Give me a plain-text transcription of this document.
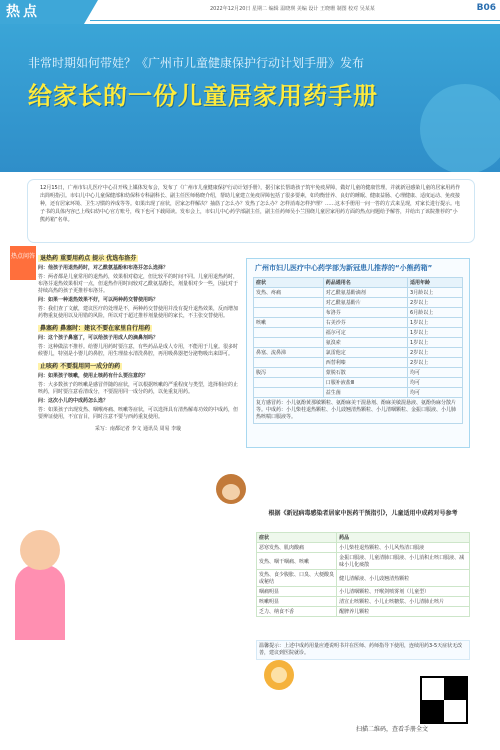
热点	2022年12月20日 星期二 编辑 温晓瑛 美编 设计 王晓珊 制图 校对 吴某某	B06
非常时期如何带娃？《广州市儿童健康保护行动计划手册》发布
给家长的一份儿童居家用药手册
12月15日，广州市妇儿医疗中心召开线上媒体发布会，发布了《广州市儿童健康保护行动计划手册》，据引家长帮助孩子筑牢免疫屏障，做好儿童的健康管理，并就新冠感染儿童的居家用药作出简明指引。市妇儿中心儿童保健部和幼保科专科副科长、副主任医师杨晓介绍，帮助儿童建立免疫屏障包括了很多要素，如均衡营养、良好的睡眠、健康益肠、心理健康、适度运动、免疫接种，还有居家环境、卫生习惯的养成等等。如果出现了症状，居家怎样解决？抽筋了怎么办？发热了怎么办？怎样消毒怎样护理？……这本手册用一问一答的方式来呈现，对家长进行提示。电子书的具体内容已上线妇幼中心官方账号，线下也可下载阅读。发布会上，市妇儿中心药学部副主任，副主任药师吴小兰围绕儿童居家用药方面的热点问题给予解答，并给出了该院推荐的“小熊药箱”名单。
热点问答 退热药 重要用药点 提示 优选布洛芬
问：他孩子用退热药时，对乙酰氨基酚和布洛芬怎么选择？
答：两者都是儿童常用的退热药，效果相对稳定，但比较平的时间不同。儿童用退热药时，布洛芬退热效果相对一点，但退热作用时间较对乙酰氨基酚长，剂量相对少一些，因此对于持续高热的孩子更推荐布洛芬。
问：如果一种退热效果不好，可以两种药交替使用吗？
答：我们查了文献，建议医疗的处理是不，两种药交替使用并没有提升退热效果，反而增加药物重复使用以及用错的风险，所以对于超过推荐剂量使用的家长，不主张交替使用。
鼻塞药 鼻塞时：建议不要在家里自行用药
问：这个孩子鼻塞了，可以给孩子用成人的滴鼻剂吗？
答：这种做法不推荐。给婴儿用药时要注意，有些药品是成人专用，不能用于儿童。很多时候婴儿，特别是小婴儿的鼻腔，用生理盐水清洗鼻腔，再用吸鼻器把分泌物吸出来即可。
止咳药 不要混用同一成分的药
问：如果孩子咳嗽，使用止咳药有什么要注意的？
答：大多数孩子的咳嗽是感冒伴随的症状，可以根据咳嗽的严重程度与类型，选择相应的止咳药，同时要注意看清成分，不要混用同一成分的药，以免重复用药。
问：这次小儿的中成药怎么选？
答：如果孩子出现发热、咽喉疼痛、咳嗽等症状，可以选择具有清热解毒功效的中成药，但要辨证使用，不宜盲目，同时注意不要与西药重复使用。
采写：南都记者 李文 通讯员 周易 李璇
广州市妇儿医疗中心药学部为新冠患儿推荐的“小熊药箱”
症状	药品通用名	适用年龄
发热、疼痛	对乙酰氨基酚滴剂	3月龄以上
	对乙酰氨基酚片	2岁以上
	布洛芬	6月龄以上
咳嗽	右美沙芬	1岁以上
	福尔可定	1岁以上
	氨溴索	1岁以上
鼻塞、流鼻涕	氯雷他定	2岁以上
	西替利嗪	2岁以上
腹泻	蒙脱石散	均可
	口服补液盐Ⅲ	均可
	益生菌	均可
复方感冒药：小儿氨酚黄那敏颗粒、氨酚麻美干混悬剂、酚麻美敏混悬液、氨酚伪麻分散片等。中成药：小儿柴桂退热颗粒、小儿豉翘清热颗粒、小儿清咽颗粒、金振口服液、小儿肺热咳喘口服液等。		
根据《新冠病毒感染者居家中医药干预指引》，儿童适用中成药对号参考
症状	药品
恶寒发热、肌肉酸痛	小儿柴桂退热颗粒、小儿风热清口服液
发热、咽干咽痛、咳嗽	金振口服液、儿童清肺口服液、小儿消积止咳口服液、减味小儿化痰散
发热、食少腹胀、口臭、大便酸臭或秘结	健儿清解液、小儿豉翘清热颗粒
咽痛明显	小儿清咽颗粒、开喉剑喷雾剂（儿童型）
咳嗽明显	清宣止咳颗粒、小儿止咳糖浆、小儿清肺止咳片
乏力、纳食不香	醒脾养儿颗粒
温馨提示：上述中成药用量应遵说明书并在医师、药师指导下使用，连续用药3-5天症状无改善，建议到医院就诊。
扫描二维码，查看手册全文
